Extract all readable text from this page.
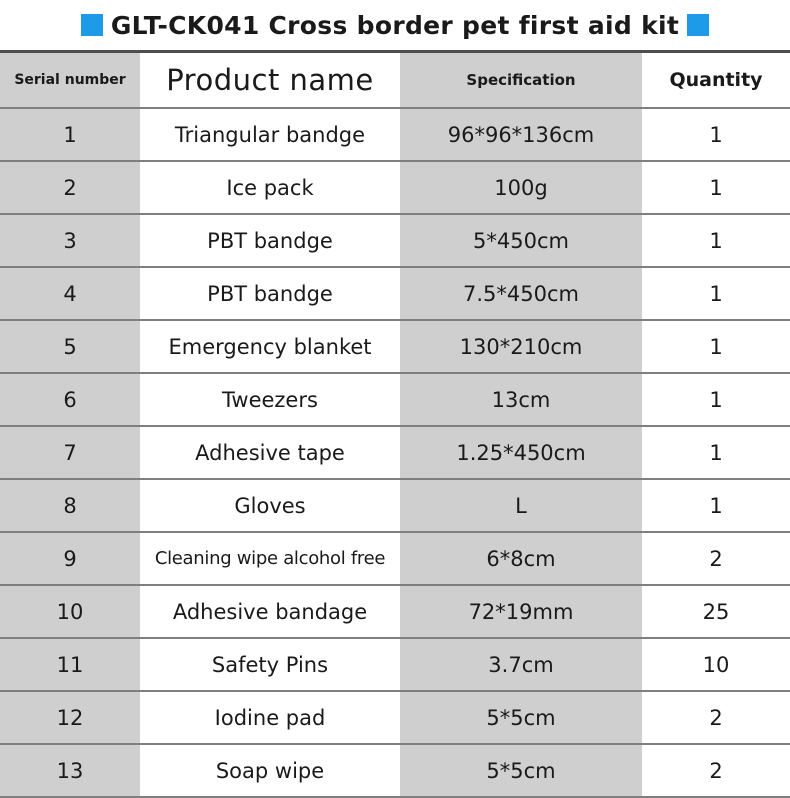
GLT-CK041 Cross border pet first aid kit
Serial number	Product name	Specification	Quantity
1	Triangular bandge	96*96*136cm	1
2	Ice pack	100g	1
3	PBT bandge	5*450cm	1
4	PBT bandge	7.5*450cm	1
5	Emergency blanket	130*210cm	1
6	Tweezers	13cm	1
7	Adhesive tape	1.25*450cm	1
8	Gloves	L	1
9	Cleaning wipe alcohol free	6*8cm	2
10	Adhesive bandage	72*19mm	25
11	Safety Pins	3.7cm	10
12	Iodine pad	5*5cm	2
13	Soap wipe	5*5cm	2
